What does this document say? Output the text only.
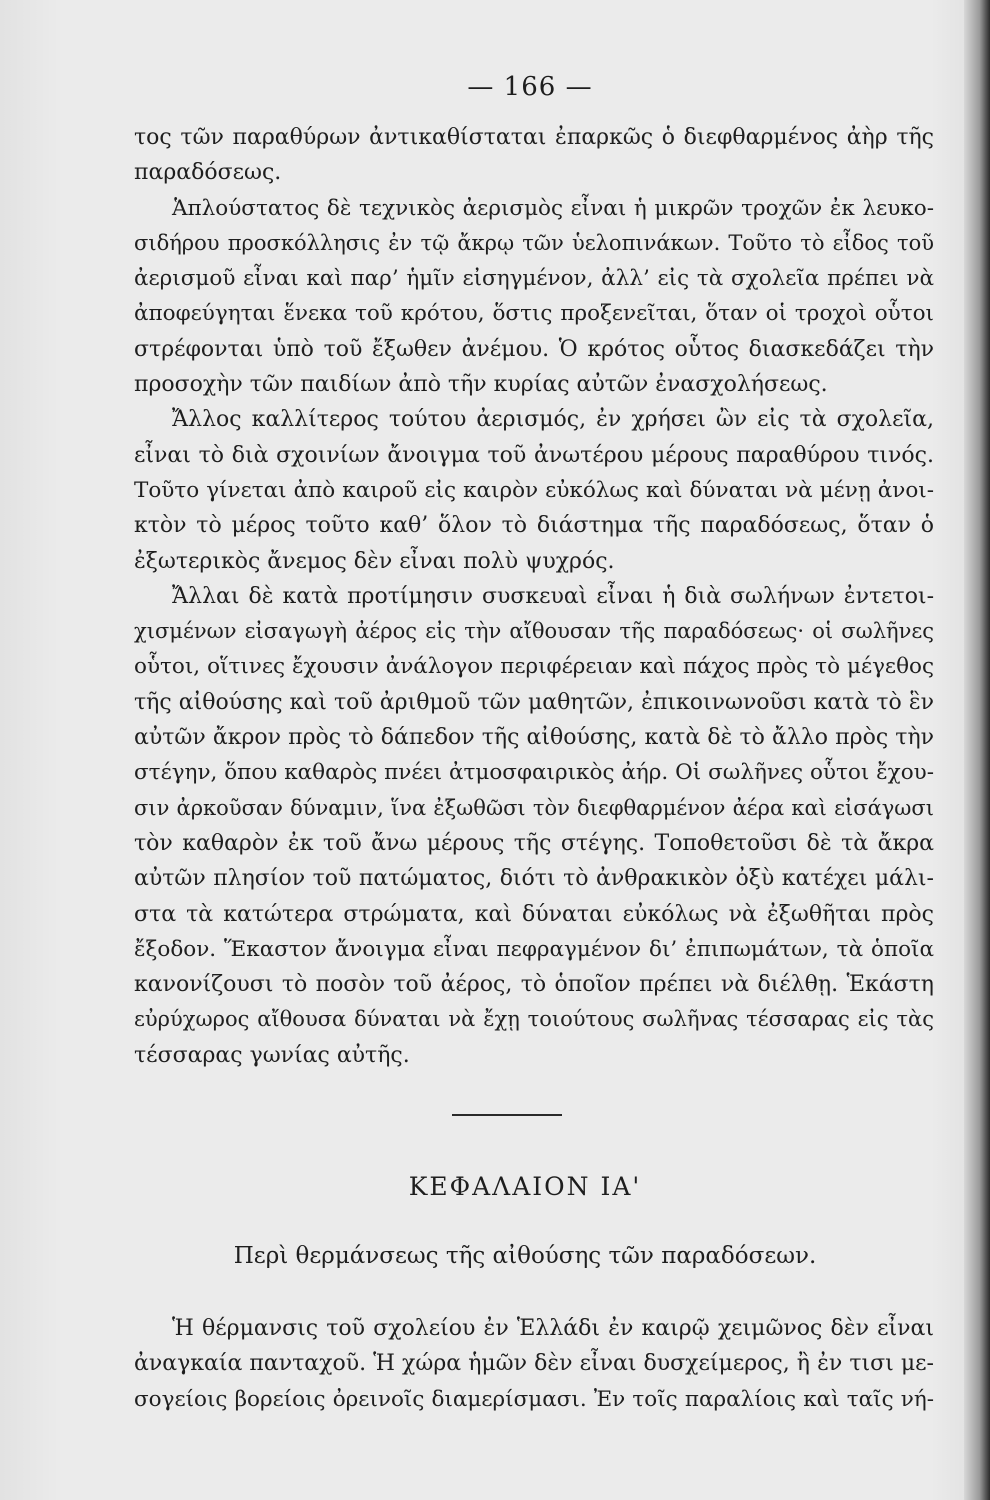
— 166 —
τος τῶν παραθύρων ἀντικαθίσταται ἐπαρκῶς ὁ διεφθαρμένος ἀὴρ τῆς
παραδόσεως.
Ἁπλούστατος δὲ τεχνικὸς ἀερισμὸς εἶναι ἡ μικρῶν τροχῶν ἐκ λευκο-
σιδήρου προσκόλλησις ἐν τῷ ἄκρῳ τῶν ὑελοπινάκων. Τοῦτο τὸ εἶδος τοῦ
ἀερισμοῦ εἶναι καὶ παρ’ ἡμῖν εἰσηγμένον, ἀλλ’ εἰς τὰ σχολεῖα πρέπει νὰ
ἀποφεύγηται ἕνεκα τοῦ κρότου, ὅστις προξενεῖται, ὅταν οἱ τροχοὶ οὗτοι
στρέφονται ὑπὸ τοῦ ἔξωθεν ἀνέμου. Ὁ κρότος οὗτος διασκεδάζει τὴν
προσοχὴν τῶν παιδίων ἀπὸ τῆν κυρίας αὐτῶν ἐνασχολήσεως.
Ἄλλος καλλίτερος τούτου ἀερισμός, ἐν χρήσει ὢν εἰς τὰ σχολεῖα,
εἶναι τὸ διὰ σχοινίων ἄνοιγμα τοῦ ἀνωτέρου μέρους παραθύρου τινός.
Τοῦτο γίνεται ἀπὸ καιροῦ εἰς καιρὸν εὐκόλως καὶ δύναται νὰ μένῃ ἀνοι-
κτὸν τὸ μέρος τοῦτο καθ’ ὅλον τὸ διάστημα τῆς παραδόσεως, ὅταν ὁ
ἐξωτερικὸς ἄνεμος δὲν εἶναι πολὺ ψυχρός.
Ἄλλαι δὲ κατὰ προτίμησιν συσκευαὶ εἶναι ἡ διὰ σωλήνων ἐντετοι-
χισμένων εἰσαγωγὴ ἀέρος εἰς τὴν αἴθουσαν τῆς παραδόσεως· οἱ σωλῆνες
οὗτοι, οἵτινες ἔχουσιν ἀνάλογον περιφέρειαν καὶ πάχος πρὸς τὸ μέγεθος
τῆς αἰθούσης καὶ τοῦ ἀριθμοῦ τῶν μαθητῶν, ἐπικοινωνοῦσι κατὰ τὸ ἓν
αὐτῶν ἄκρον πρὸς τὸ δάπεδον τῆς αἰθούσης, κατὰ δὲ τὸ ἄλλο πρὸς τὴν
στέγην, ὅπου καθαρὸς πνέει ἀτμοσφαιρικὸς ἀήρ. Οἱ σωλῆνες οὗτοι ἔχου-
σιν ἀρκοῦσαν δύναμιν, ἵνα ἐξωθῶσι τὸν διεφθαρμένον ἀέρα καὶ εἰσάγωσι
τὸν καθαρὸν ἐκ τοῦ ἄνω μέρους τῆς στέγης. Τοποθετοῦσι δὲ τὰ ἄκρα
αὐτῶν πλησίον τοῦ πατώματος, διότι τὸ ἀνθρακικὸν ὀξὺ κατέχει μάλι-
στα τὰ κατώτερα στρώματα, καὶ δύναται εὐκόλως νὰ ἐξωθῆται πρὸς
ἔξοδον. Ἕκαστον ἄνοιγμα εἶναι πεφραγμένον δι’ ἐπιπωμάτων, τὰ ὁποῖα
κανονίζουσι τὸ ποσὸν τοῦ ἀέρος, τὸ ὁποῖον πρέπει νὰ διέλθῃ. Ἑκάστη
εὐρύχωρος αἴθουσα δύναται νὰ ἔχῃ τοιούτους σωλῆνας τέσσαρας εἰς τὰς
τέσσαρας γωνίας αὐτῆς.
ΚΕΦΑΛΑΙΟΝ ΙΑ'
Περὶ θερμάνσεως τῆς αἰθούσης τῶν παραδόσεων.
Ἡ θέρμανσις τοῦ σχολείου ἐν Ἑλλάδι ἐν καιρῷ χειμῶνος δὲν εἶναι
ἀναγκαία πανταχοῦ. Ἡ χώρα ἡμῶν δὲν εἶναι δυσχείμερος, ἢ ἐν τισι με-
σογείοις βορείοις ὀρεινοῖς διαμερίσμασι. Ἐν τοῖς παραλίοις καὶ ταῖς νή-
